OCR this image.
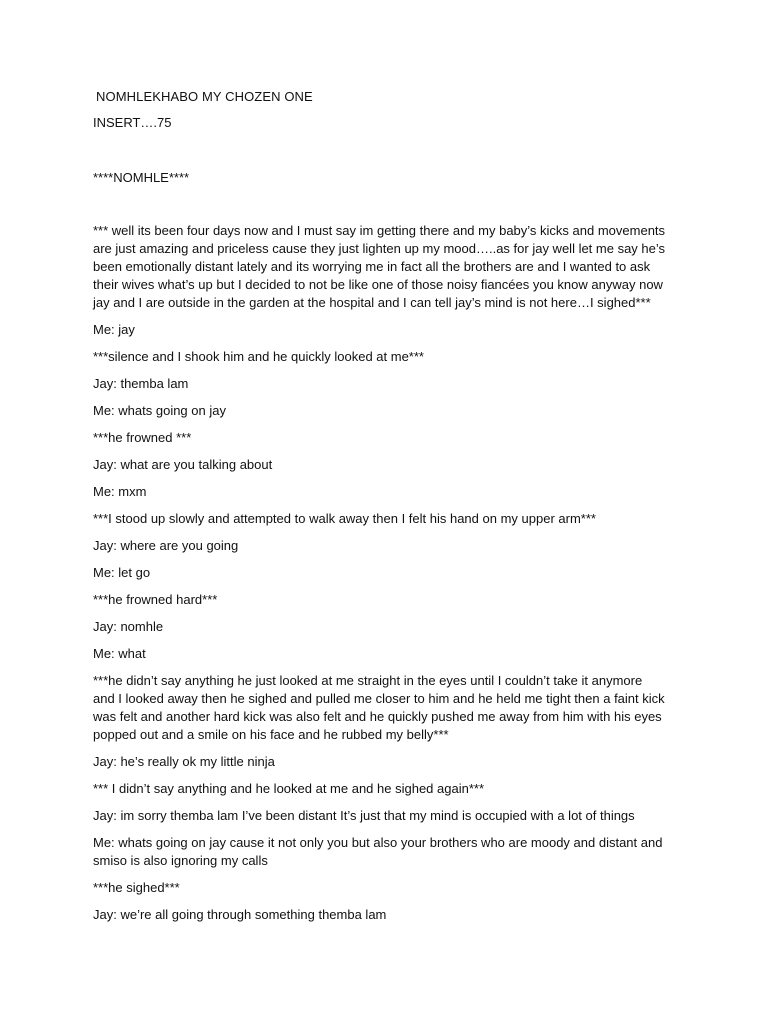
NOMHLEKHABO MY CHOZEN ONE
INSERT….75
****NOMHLE****
*** well its been four days now and I must say im getting there and my baby’s kicks and movements
are just amazing and priceless cause they just lighten up my mood…..as for jay well let me say he’s
been emotionally distant lately and its worrying me in fact all the brothers are and I wanted to ask
their wives what’s up but I decided to not be like one of those noisy fiancées you know anyway now
jay and I are outside in the garden at the hospital and I can tell jay’s mind is not here…I sighed***
Me: jay
***silence and I shook him and he quickly looked at me***
Jay: themba lam
Me: whats going on jay
***he frowned ***
Jay: what are you talking about
Me: mxm
***I stood up slowly and attempted to walk away then I felt his hand on my upper arm***
Jay: where are you going
Me: let go
***he frowned hard***
Jay: nomhle
Me: what
***he didn’t say anything he just looked at me straight in the eyes until I couldn’t take it anymore
and I looked away then he sighed and pulled me closer to him and he held me tight then a faint kick
was felt and another hard kick was also felt and he quickly pushed me away from him with his eyes
popped out and a smile on his face and he rubbed my belly***
Jay: he’s really ok my little ninja
*** I didn’t say anything and he looked at me and he sighed again***
Jay: im sorry themba lam I’ve been distant It’s just that my mind is occupied with a lot of things
Me: whats going on jay cause it not only you but also your brothers who are moody and distant and
smiso is also ignoring my calls
***he sighed***
Jay: we’re all going through something themba lam
